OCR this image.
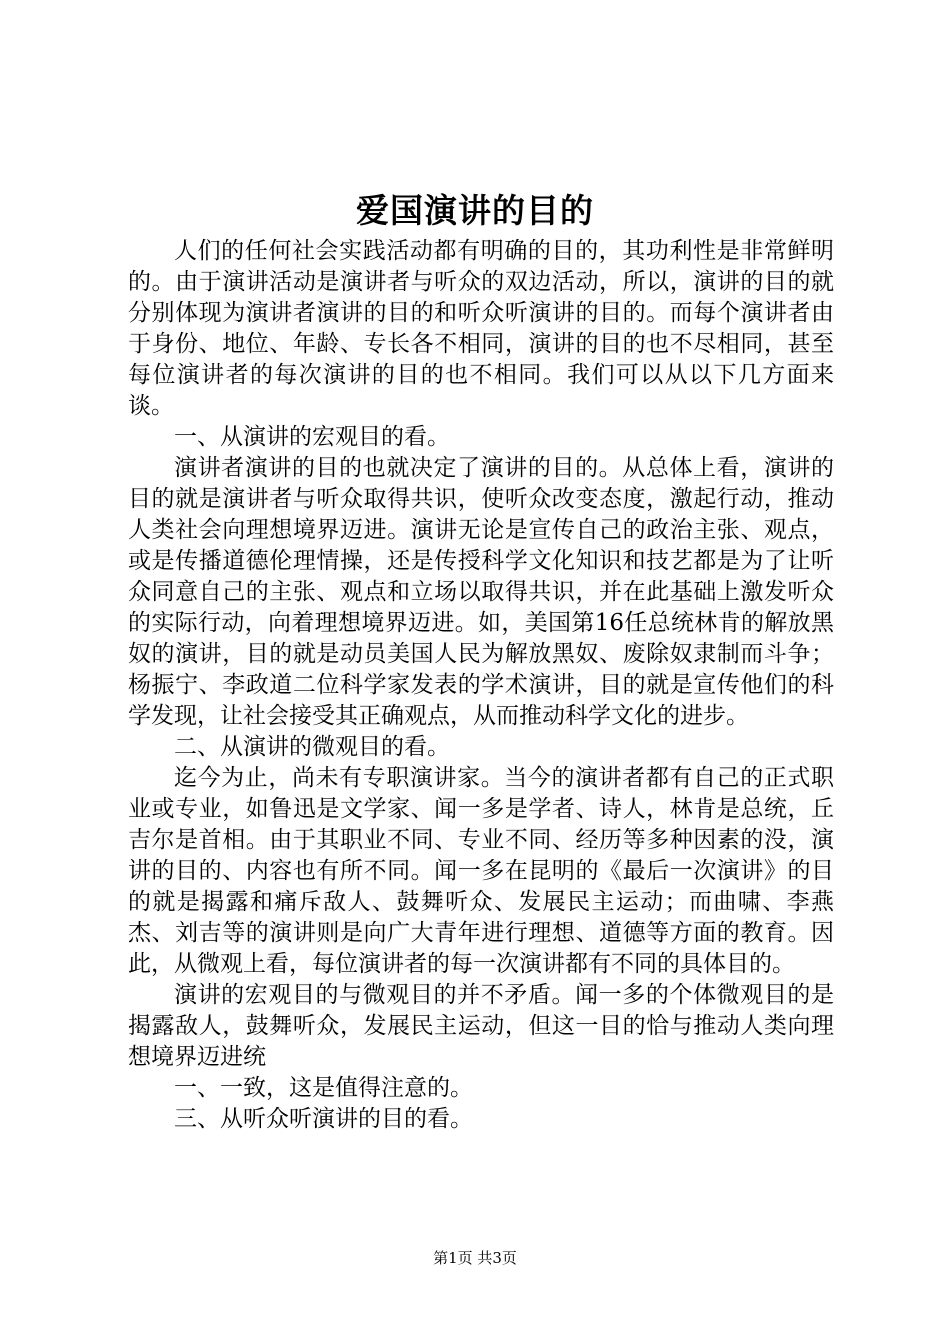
爱国演讲的目的

人们的任何社会实践活动都有明确的目的，其功利性是非常鲜明的。由于演讲活动是演讲者与听众的双边活动，所以，演讲的目的就分别体现为演讲者演讲的目的和听众听演讲的目的。而每个演讲者由于身份、地位、年龄、专长各不相同，演讲的目的也不尽相同，甚至每位演讲者的每次演讲的目的也不相同。我们可以从以下几方面来谈。

一、从演讲的宏观目的看。

演讲者演讲的目的也就决定了演讲的目的。从总体上看，演讲的目的就是演讲者与听众取得共识，使听众改变态度，激起行动，推动人类社会向理想境界迈进。演讲无论是宣传自己的政治主张、观点，或是传播道德伦理情操，还是传授科学文化知识和技艺都是为了让听众同意自己的主张、观点和立场以取得共识，并在此基础上激发听众的实际行动，向着理想境界迈进。如，美国第16任总统林肯的解放黑奴的演讲，目的就是动员美国人民为解放黑奴、废除奴隶制而斗争；杨振宁、李政道二位科学家发表的学术演讲，目的就是宣传他们的科学发现，让社会接受其正确观点，从而推动科学文化的进步。

二、从演讲的微观目的看。

迄今为止，尚未有专职演讲家。当今的演讲者都有自己的正式职业或专业，如鲁迅是文学家、闻一多是学者、诗人，林肯是总统，丘吉尔是首相。由于其职业不同、专业不同、经历等多种因素的没，演讲的目的、内容也有所不同。闻一多在昆明的《最后一次演讲》的目的就是揭露和痛斥敌人、鼓舞听众、发展民主运动；而曲啸、李燕杰、刘吉等的演讲则是向广大青年进行理想、道德等方面的教育。因此，从微观上看，每位演讲者的每一次演讲都有不同的具体目的。

演讲的宏观目的与微观目的并不矛盾。闻一多的个体微观目的是揭露敌人，鼓舞听众，发展民主运动，但这一目的恰与推动人类向理想境界迈进统

一、一致，这是值得注意的。

三、从听众听演讲的目的看。

第1页 共3页
